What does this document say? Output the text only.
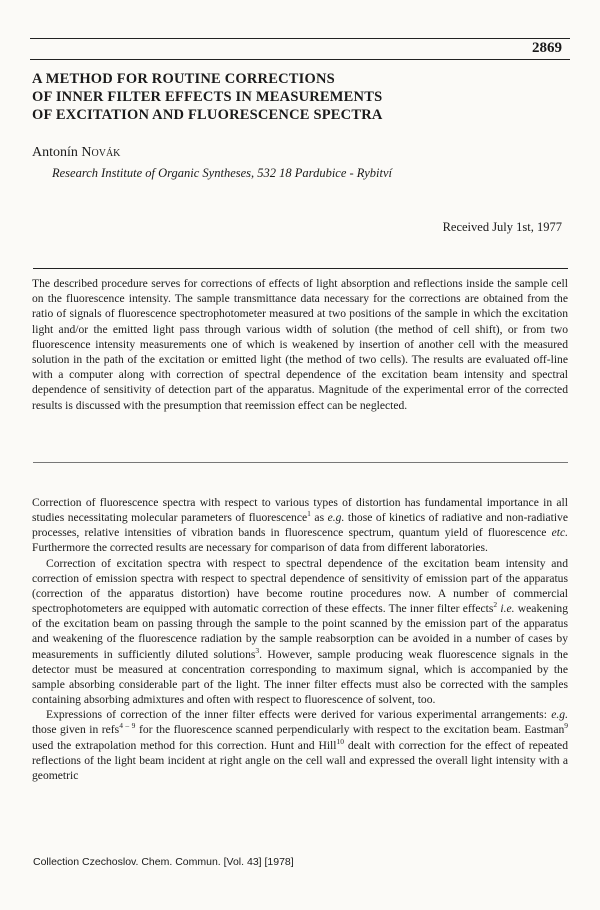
2869
A METHOD FOR ROUTINE CORRECTIONS
OF INNER FILTER EFFECTS IN MEASUREMENTS
OF EXCITATION AND FLUORESCENCE SPECTRA
Antonín Novák
Research Institute of Organic Syntheses, 532 18 Pardubice - Rybitví
Received July 1st, 1977
The described procedure serves for corrections of effects of light absorption and reflections inside the sample cell on the fluorescence intensity. The sample transmittance data necessary for the corrections are obtained from the ratio of signals of fluorescence spectrophotometer measured at two positions of the sample in which the excitation light and/or the emitted light pass through various width of solution (the method of cell shift), or from two fluorescence intensity measurements one of which is weakened by insertion of another cell with the measured solution in the path of the excitation or emitted light (the method of two cells). The results are evaluated off-line with a computer along with correction of spectral dependence of the excitation beam intensity and spectral dependence of sensitivity of detection part of the apparatus. Magnitude of the experimental error of the corrected results is discussed with the presumption that reemission effect can be neglected.

Correction of fluorescence spectra with respect to various types of distortion has fundamental importance in all studies necessitating molecular parameters of fluorescence$^1$ as e.g. those of kinetics of radiative and non-radiative processes, relative intensities of vibration bands in fluorescence spectrum, quantum yield of fluorescence etc. Furthermore the corrected results are necessary for comparison of data from different laboratories.

Correction of excitation spectra with respect to spectral dependence of the excitation beam intensity and correction of emission spectra with respect to spectral dependence of sensitivity of emission part of the apparatus (correction of the apparatus distortion) have become routine procedures now. A number of commercial spectrophotometers are equipped with automatic correction of these effects. The inner filter effects$^2$ i.e. weakening of the excitation beam on passing through the sample to the point scanned by the emission part of the apparatus and weakening of the fluorescence radiation by the sample reabsorption can be avoided in a number of cases by measurements in sufficiently diluted solutions$^3$. However, sample producing weak fluorescence signals in the detector must be measured at concentration corresponding to maximum signal, which is accompanied by the sample absorbing considerable part of the light. The inner filter effects must also be corrected with the samples containing absorbing admixtures and often with respect to fluorescence of solvent, too.

Expressions of correction of the inner filter effects were derived for various experimental arrangements: e.g. those given in refs$^{4 - 9}$ for the fluorescence scanned perpendicularly with respect to the excitation beam. Eastman$^9$ used the extrapolation method for this correction. Hunt and Hill$^{10}$ dealt with correction for the effect of repeated reflections of the light beam incident at right angle on the cell wall and expressed the overall light intensity with a geometric

Collection Czechoslov. Chem. Commun. [Vol. 43] [1978]
